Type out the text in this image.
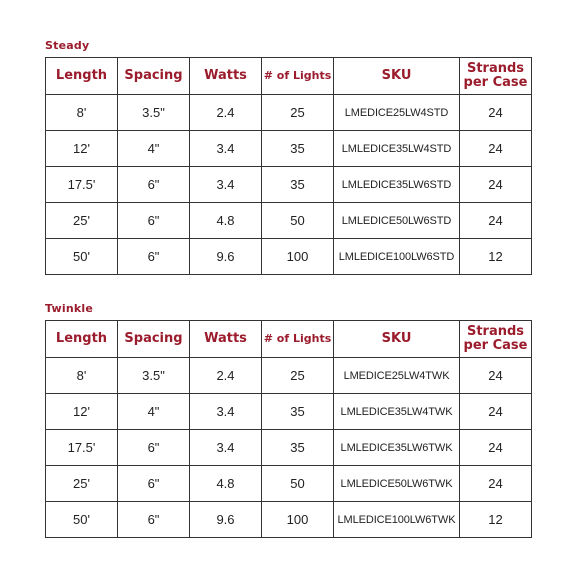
Steady
Length	Spacing	Watts	# of Lights	SKU	Strands per Case
8'	3.5"	2.4	25	LMEDICE25LW4STD	24
12'	4"	3.4	35	LMLEDICE35LW4STD	24
17.5'	6"	3.4	35	LMLEDICE35LW6STD	24
25'	6"	4.8	50	LMLEDICE50LW6STD	24
50'	6"	9.6	100	LMLEDICE100LW6STD	12
Twinkle
Length	Spacing	Watts	# of Lights	SKU	Strands per Case
8'	3.5"	2.4	25	LMEDICE25LW4TWK	24
12'	4"	3.4	35	LMLEDICE35LW4TWK	24
17.5'	6"	3.4	35	LMLEDICE35LW6TWK	24
25'	6"	4.8	50	LMLEDICE50LW6TWK	24
50'	6"	9.6	100	LMLEDICE100LW6TWK	12
